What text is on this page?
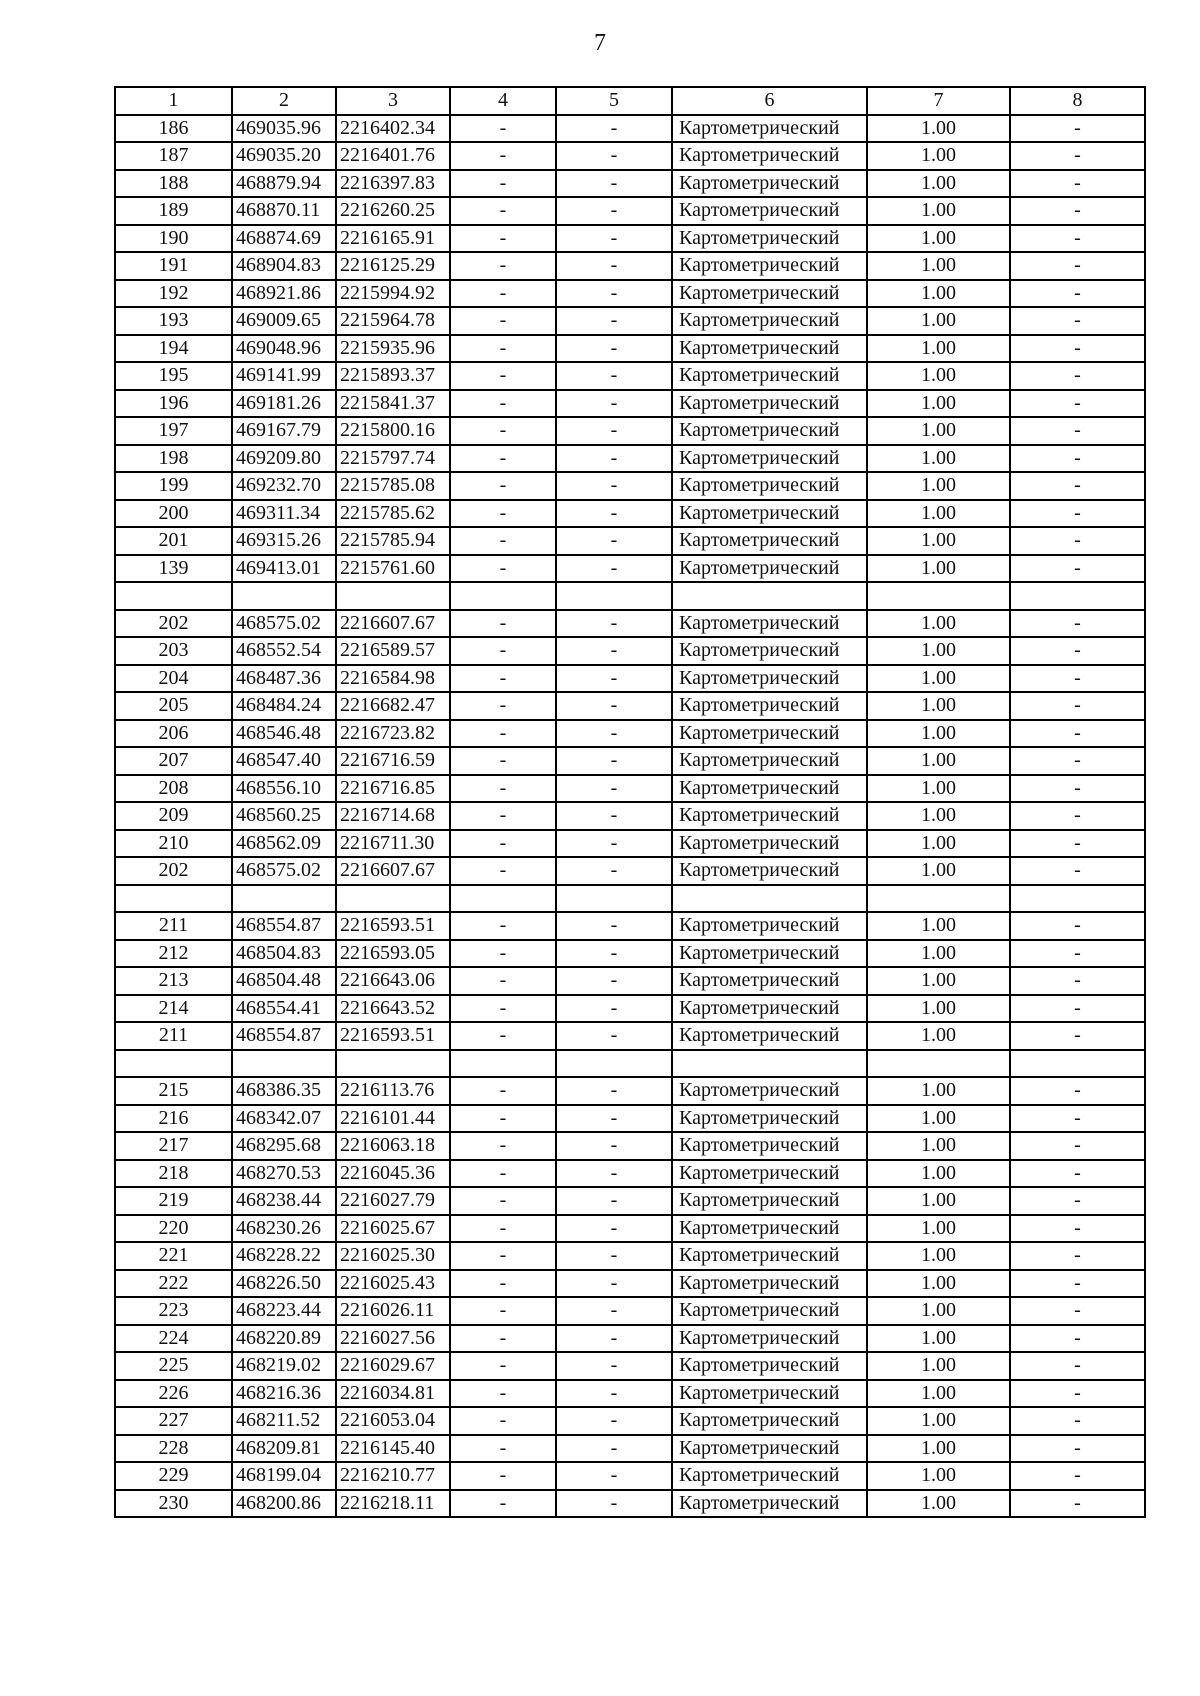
7
1	2	3	4	5	6	7	8
186	469035.96	2216402.34	-	-	Картометрический	1.00	-
187	469035.20	2216401.76	-	-	Картометрический	1.00	-
188	468879.94	2216397.83	-	-	Картометрический	1.00	-
189	468870.11	2216260.25	-	-	Картометрический	1.00	-
190	468874.69	2216165.91	-	-	Картометрический	1.00	-
191	468904.83	2216125.29	-	-	Картометрический	1.00	-
192	468921.86	2215994.92	-	-	Картометрический	1.00	-
193	469009.65	2215964.78	-	-	Картометрический	1.00	-
194	469048.96	2215935.96	-	-	Картометрический	1.00	-
195	469141.99	2215893.37	-	-	Картометрический	1.00	-
196	469181.26	2215841.37	-	-	Картометрический	1.00	-
197	469167.79	2215800.16	-	-	Картометрический	1.00	-
198	469209.80	2215797.74	-	-	Картометрический	1.00	-
199	469232.70	2215785.08	-	-	Картометрический	1.00	-
200	469311.34	2215785.62	-	-	Картометрический	1.00	-
201	469315.26	2215785.94	-	-	Картометрический	1.00	-
139	469413.01	2215761.60	-	-	Картометрический	1.00	-

202	468575.02	2216607.67	-	-	Картометрический	1.00	-
203	468552.54	2216589.57	-	-	Картометрический	1.00	-
204	468487.36	2216584.98	-	-	Картометрический	1.00	-
205	468484.24	2216682.47	-	-	Картометрический	1.00	-
206	468546.48	2216723.82	-	-	Картометрический	1.00	-
207	468547.40	2216716.59	-	-	Картометрический	1.00	-
208	468556.10	2216716.85	-	-	Картометрический	1.00	-
209	468560.25	2216714.68	-	-	Картометрический	1.00	-
210	468562.09	2216711.30	-	-	Картометрический	1.00	-
202	468575.02	2216607.67	-	-	Картометрический	1.00	-

211	468554.87	2216593.51	-	-	Картометрический	1.00	-
212	468504.83	2216593.05	-	-	Картометрический	1.00	-
213	468504.48	2216643.06	-	-	Картометрический	1.00	-
214	468554.41	2216643.52	-	-	Картометрический	1.00	-
211	468554.87	2216593.51	-	-	Картометрический	1.00	-

215	468386.35	2216113.76	-	-	Картометрический	1.00	-
216	468342.07	2216101.44	-	-	Картометрический	1.00	-
217	468295.68	2216063.18	-	-	Картометрический	1.00	-
218	468270.53	2216045.36	-	-	Картометрический	1.00	-
219	468238.44	2216027.79	-	-	Картометрический	1.00	-
220	468230.26	2216025.67	-	-	Картометрический	1.00	-
221	468228.22	2216025.30	-	-	Картометрический	1.00	-
222	468226.50	2216025.43	-	-	Картометрический	1.00	-
223	468223.44	2216026.11	-	-	Картометрический	1.00	-
224	468220.89	2216027.56	-	-	Картометрический	1.00	-
225	468219.02	2216029.67	-	-	Картометрический	1.00	-
226	468216.36	2216034.81	-	-	Картометрический	1.00	-
227	468211.52	2216053.04	-	-	Картометрический	1.00	-
228	468209.81	2216145.40	-	-	Картометрический	1.00	-
229	468199.04	2216210.77	-	-	Картометрический	1.00	-
230	468200.86	2216218.11	-	-	Картометрический	1.00	-
